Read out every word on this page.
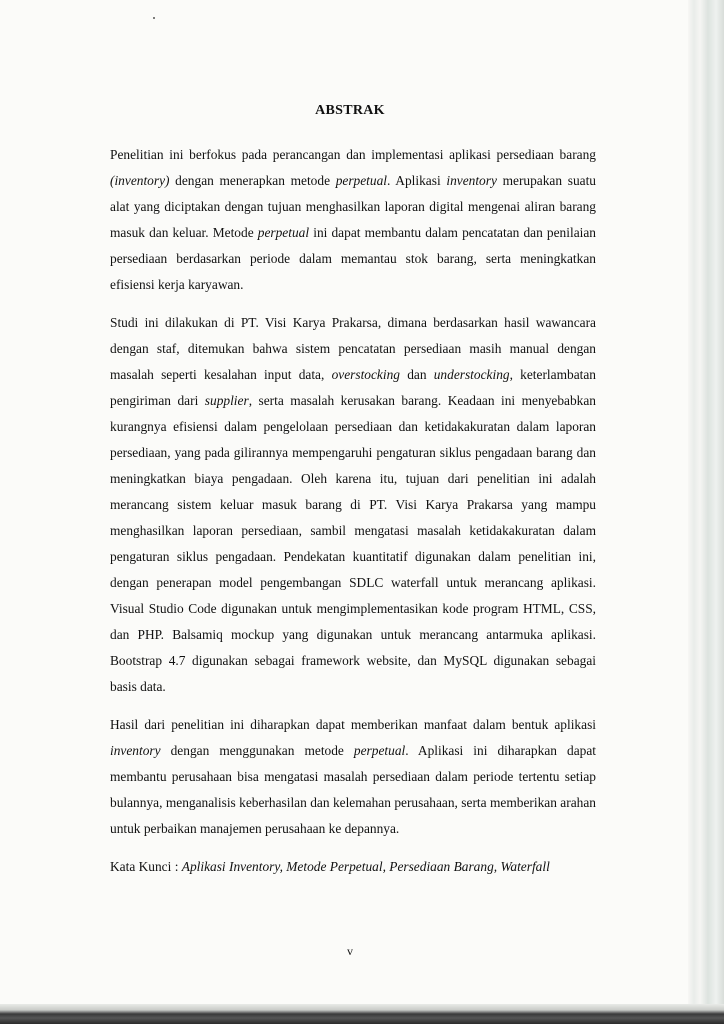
ABSTRAK

Penelitian ini berfokus pada perancangan dan implementasi aplikasi persediaan barang (inventory) dengan menerapkan metode perpetual. Aplikasi inventory merupakan suatu alat yang diciptakan dengan tujuan menghasilkan laporan digital mengenai aliran barang masuk dan keluar. Metode perpetual ini dapat membantu dalam pencatatan dan penilaian persediaan berdasarkan periode dalam memantau stok barang, serta meningkatkan efisiensi kerja karyawan.

Studi ini dilakukan di PT. Visi Karya Prakarsa, dimana berdasarkan hasil wawancara dengan staf, ditemukan bahwa sistem pencatatan persediaan masih manual dengan masalah seperti kesalahan input data, overstocking dan understocking, keterlambatan pengiriman dari supplier, serta masalah kerusakan barang. Keadaan ini menyebabkan kurangnya efisiensi dalam pengelolaan persediaan dan ketidakakuratan dalam laporan persediaan, yang pada gilirannya mempengaruhi pengaturan siklus pengadaan barang dan meningkatkan biaya pengadaan. Oleh karena itu, tujuan dari penelitian ini adalah merancang sistem keluar masuk barang di PT. Visi Karya Prakarsa yang mampu menghasilkan laporan persediaan, sambil mengatasi masalah ketidakakuratan dalam pengaturan siklus pengadaan. Pendekatan kuantitatif digunakan dalam penelitian ini, dengan penerapan model pengembangan SDLC waterfall untuk merancang aplikasi. Visual Studio Code digunakan untuk mengimplementasikan kode program HTML, CSS, dan PHP. Balsamiq mockup yang digunakan untuk merancang antarmuka aplikasi. Bootstrap 4.7 digunakan sebagai framework website, dan MySQL digunakan sebagai basis data.

Hasil dari penelitian ini diharapkan dapat memberikan manfaat dalam bentuk aplikasi inventory dengan menggunakan metode perpetual. Aplikasi ini diharapkan dapat membantu perusahaan bisa mengatasi masalah persediaan dalam periode tertentu setiap bulannya, menganalisis keberhasilan dan kelemahan perusahaan, serta memberikan arahan untuk perbaikan manajemen perusahaan ke depannya.

Kata Kunci : Aplikasi Inventory, Metode Perpetual, Persediaan Barang, Waterfall
v
